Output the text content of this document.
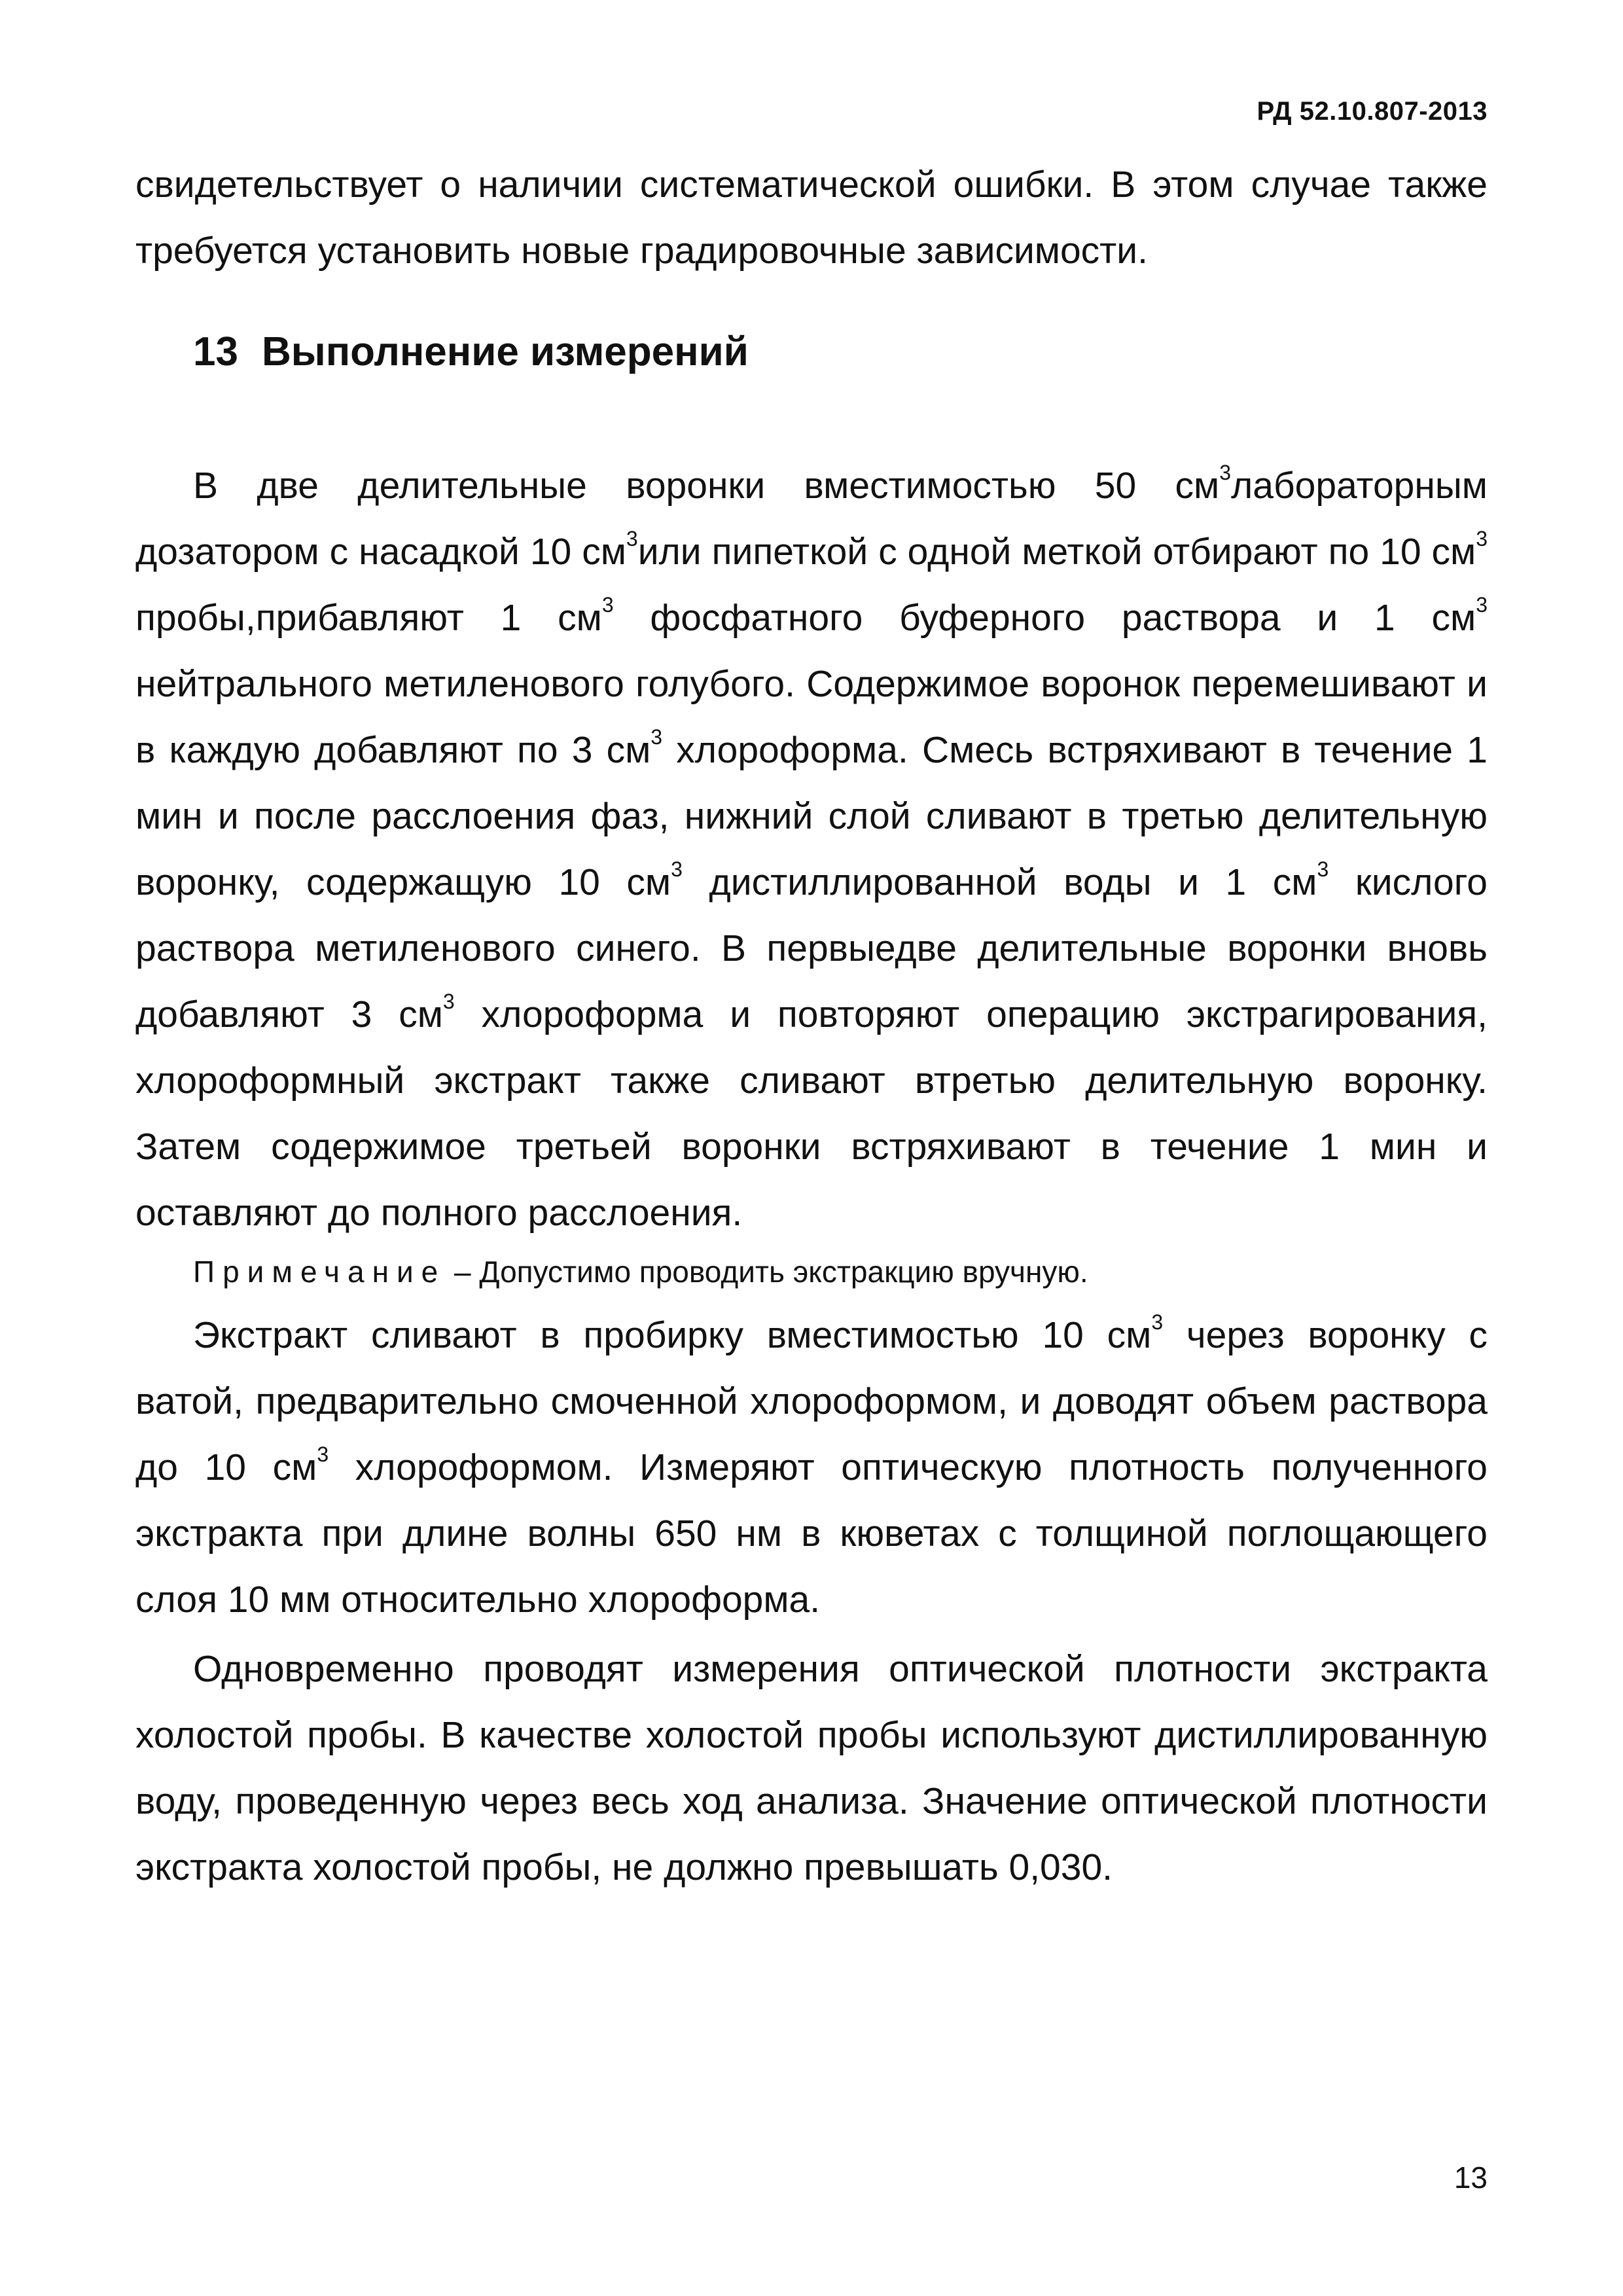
РД 52.10.807-2013

свидетельствует о наличии систематической ошибки. В этом случае также требуется установить новые градировочные зависимости.

13 Выполнение измерений

В две делительные воронки вместимостью 50 $см^3лабораторным$ дозатором с насадкой 10 $см^3или$ пипеткой с одной меткой отбирают по 10 $см^3$ пробы,прибавляют 1 $см^3$ фосфатного буферного раствора и 1 $см^3$ нейтрального метиленового голубого. Содержимое воронок перемешивают и в каждую добавляют по 3 $см^3$ хлороформа. Смесь встряхивают в течение 1 мин и после расслоения фаз, нижний слой сливают в третью делительную воронку, содержащую 10 $см^3$ дистиллированной воды и 1 $см^3$ кислого раствора метиленового синего. В первыедве делительные воронки вновь добавляют 3 $см^3$ хлороформа и повторяют операцию экстрагирования, хлороформный экстракт также сливают втретью делительную воронку. Затем содержимое третьей воронки встряхивают в течение 1 мин и оставляют до полного расслоения.

Примечание – Допустимо проводить экстракцию вручную.

Экстракт сливают в пробирку вместимостью 10 $см^3$ через воронку с ватой, предварительно смоченной хлороформом, и доводят объем раствора до 10 $см^3$ хлороформом. Измеряют оптическую плотность полученного экстракта при длине волны 650 нм в кюветах с толщиной поглощающего слоя 10 мм относительно хлороформа.

Одновременно проводят измерения оптической плотности экстракта холостой пробы. В качестве холостой пробы используют дистиллированную воду, проведенную через весь ход анализа. Значение оптической плотности экстракта холостой пробы, не должно превышать 0,030.

13
